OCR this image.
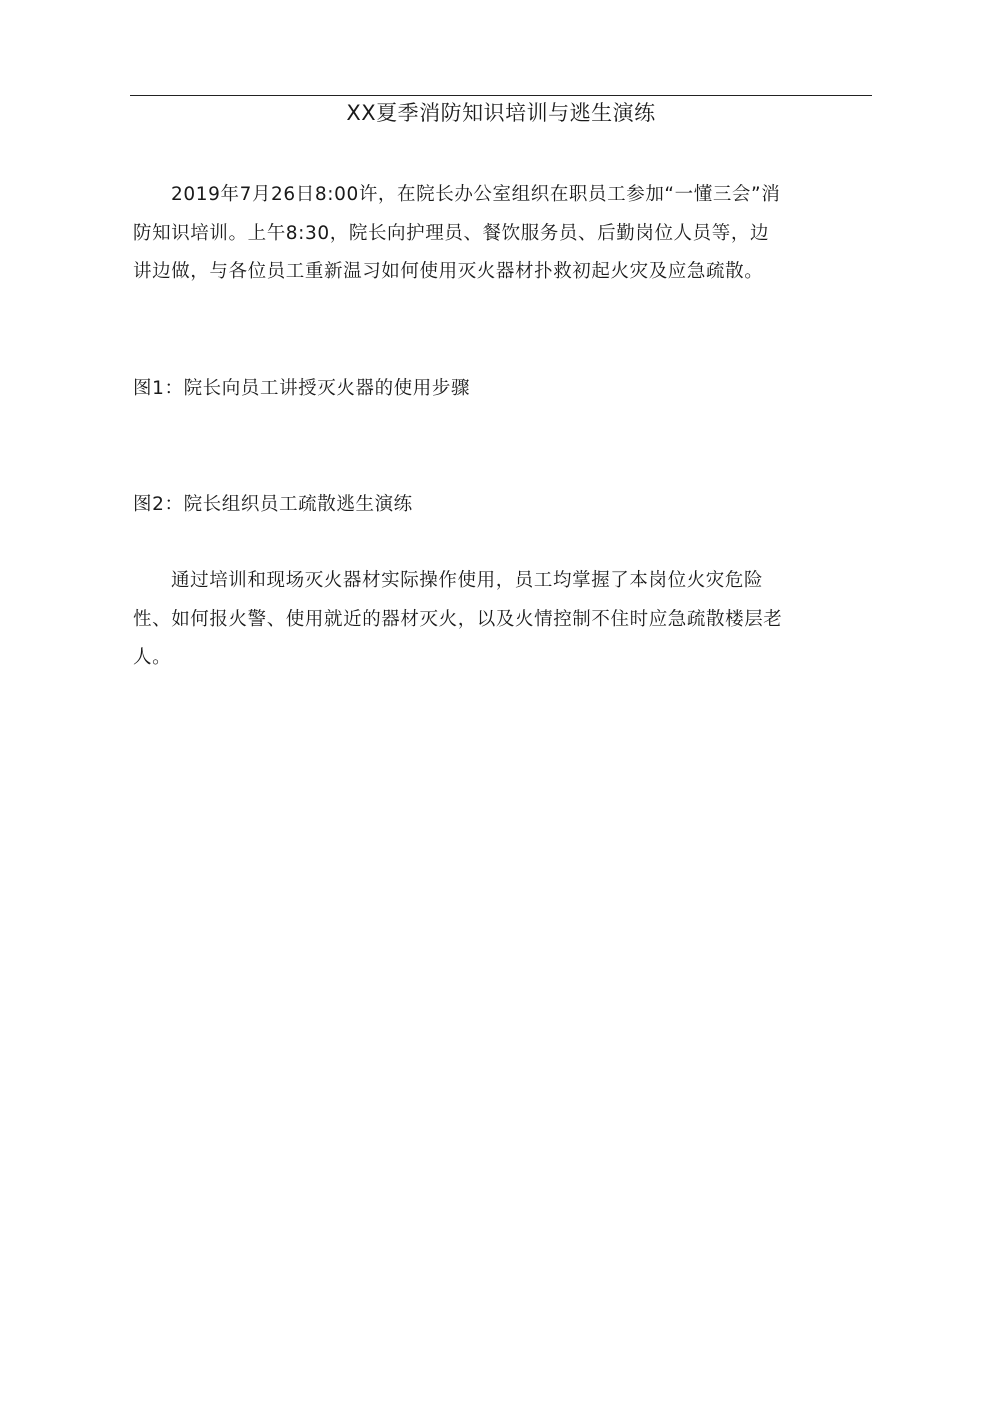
XX夏季消防知识培训与逃生演练

2019年7月26日8:00许，在院长办公室组织在职员工参加“一懂三会”消防知识培训。上午8:30，院长向护理员、餐饮服务员、后勤岗位人员等，边讲边做，与各位员工重新温习如何使用灭火器材扑救初起火灾及应急疏散。

图1：院长向员工讲授灭火器的使用步骤

图2：院长组织员工疏散逃生演练

通过培训和现场灭火器材实际操作使用，员工均掌握了本岗位火灾危险性、如何报火警、使用就近的器材灭火，以及火情控制不住时应急疏散楼层老人。
